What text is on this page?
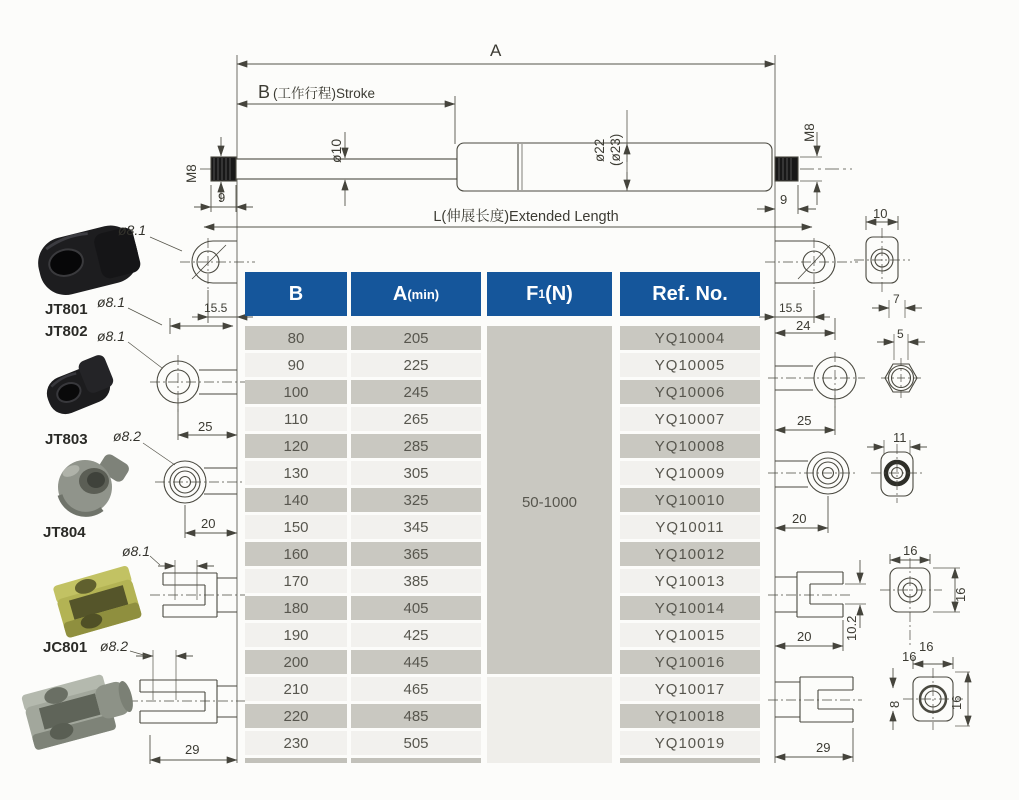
A
B (工作行程)Stroke
L(伸展长度)Extended Length
ø10	ø22 (ø23)
M8
9
M8
9
15.5	15.5
24
25
20
29
10
7
5
25
20
11
20	10.2
16
16
8
29
16
16
16
ø8.1
JT801 ø8.1
JT802 ø8.1
JT803 ø8.2
JT804
ø8.1
JC801 ø8.2
B	A (min)	F 1 (N)	Ref. No.
50-1000
80	205	YQ10004
90	225	YQ10005
100	245	YQ10006
110	265	YQ10007
120	285	YQ10008
130	305	YQ10009
140	325	YQ10010
150	345	YQ10011
160	365	YQ10012
170	385	YQ10013
180	405	YQ10014
190	425	YQ10015
200	445	YQ10016
210	465	YQ10017
220	485	YQ10018
230	505	YQ10019
